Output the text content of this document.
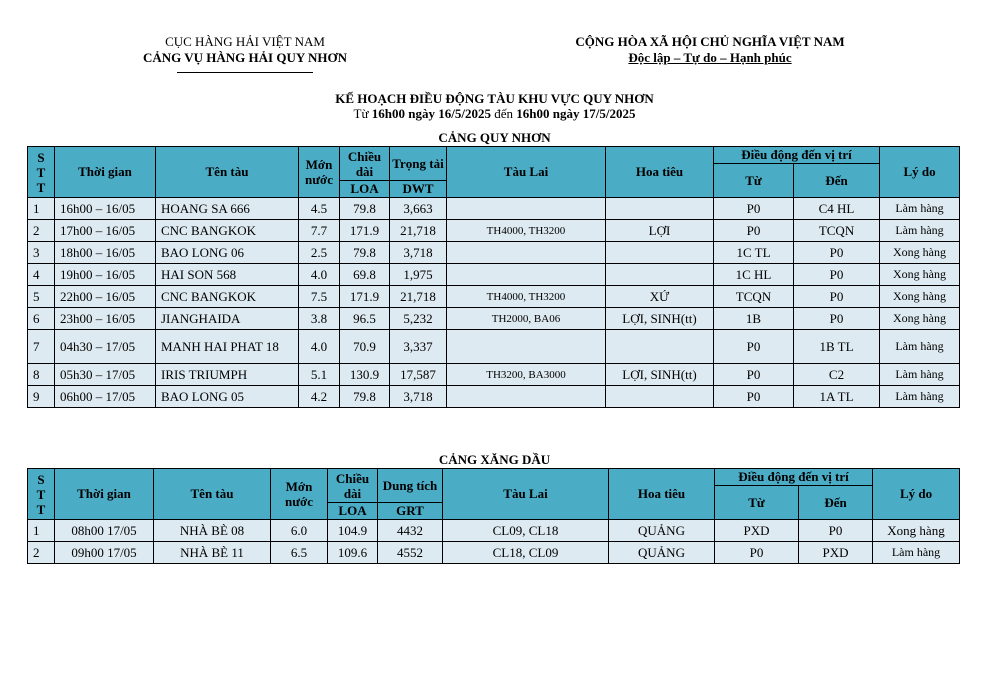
CỤC HÀNG HẢI VIỆT NAM
CẢNG VỤ HÀNG HẢI QUY NHƠN
CỘNG HÒA XÃ HỘI CHỦ NGHĨA VIỆT NAM
Độc lập – Tự do – Hạnh phúc
KẾ HOẠCH ĐIỀU ĐỘNG TÀU KHU VỰC QUY NHƠN
Từ 16h00 ngày 16/5/2025 đến 16h00 ngày 17/5/2025
CẢNG QUY NHƠN
S
T
T	Thời gian	Tên tàu	Mớn nước	Chiều dài	Trọng tải	Tàu Lai	Hoa tiêu	Điều động đến vị trí		Lý do
								Từ	Đến	
				LOA	DWT					
1	16h00 – 16/05	HOANG SA 666	4.5	79.8	3,663			P0	C4 HL	Làm hàng
2	17h00 – 16/05	CNC BANGKOK	7.7	171.9	21,718	TH4000, TH3200	LỢI	P0	TCQN	Làm hàng
3	18h00 – 16/05	BAO LONG 06	2.5	79.8	3,718			1C TL	P0	Xong hàng
4	19h00 – 16/05	HAI SON 568	4.0	69.8	1,975			1C HL	P0	Xong hàng
5	22h00 – 16/05	CNC BANGKOK	7.5	171.9	21,718	TH4000, TH3200	XỨ	TCQN	P0	Xong hàng
6	23h00 – 16/05	JIANGHAIDA	3.8	96.5	5,232	TH2000, BA06	LỢI, SINH(tt)	1B	P0	Xong hàng
7	04h30 – 17/05	MANH HAI PHAT 18	4.0	70.9	3,337			P0	1B TL	Làm hàng
8	05h30 – 17/05	IRIS TRIUMPH	5.1	130.9	17,587	TH3200, BA3000	LỢI, SINH(tt)	P0	C2	Làm hàng
9	06h00 – 17/05	BAO LONG 05	4.2	79.8	3,718			P0	1A TL	Làm hàng
CẢNG XĂNG DẦU
S
T
T	Thời gian	Tên tàu	Mớn nước	Chiều dài	Dung tích	Tàu Lai	Hoa tiêu	Điều động đến vị trí		Lý do
								Từ	Đến	
				LOA	GRT					
1	08h00 17/05	NHÀ BÈ 08	6.0	104.9	4432	CL09, CL18	QUẢNG	PXD	P0	Xong hàng
2	09h00 17/05	NHÀ BÈ 11	6.5	109.6	4552	CL18, CL09	QUẢNG	P0	PXD	Làm hàng
